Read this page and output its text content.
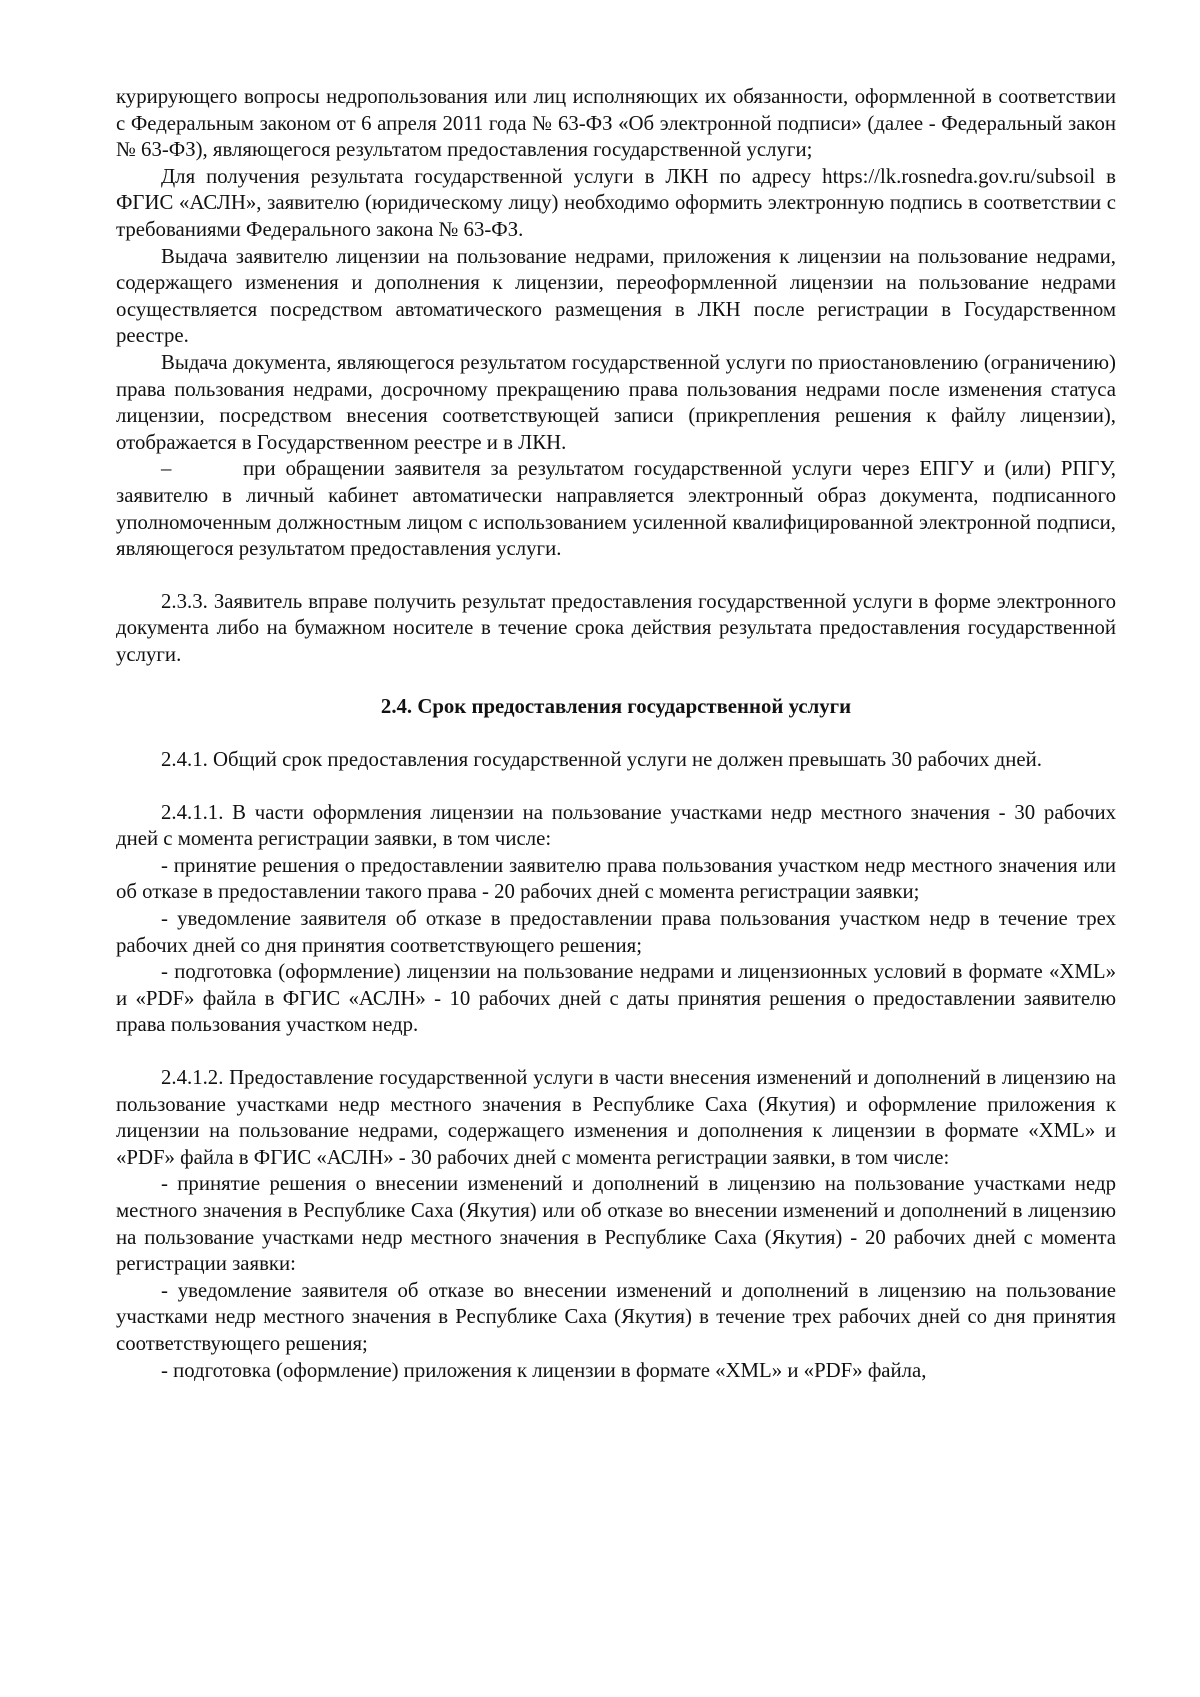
курирующего вопросы недропользования или лиц исполняющих их обязанности, оформленной в соответствии с Федеральным законом от 6 апреля 2011 года № 63-ФЗ «Об электронной подписи» (далее - Федеральный закон № 63-ФЗ), являющегося результатом предоставления государственной услуги;

Для получения результата государственной услуги в ЛКН по адресу https://lk.rosnedra.gov.ru/subsoil в ФГИС «АСЛН», заявителю (юридическому лицу) необходимо оформить электронную подпись в соответствии с требованиями Федерального закона № 63-ФЗ.

Выдача заявителю лицензии на пользование недрами, приложения к лицензии на пользование недрами, содержащего изменения и дополнения к лицензии, переоформленной лицензии на пользование недрами осуществляется посредством автоматического размещения в ЛКН после регистрации в Государственном реестре.

Выдача документа, являющегося результатом государственной услуги по приостановлению (ограничению) права пользования недрами, досрочному прекращению права пользования недрами после изменения статуса лицензии, посредством внесения соответствующей записи (прикрепления решения к файлу лицензии), отображается в Государственном реестре и в ЛКН.

–	при обращении заявителя за результатом государственной услуги через ЕПГУ и (или) РПГУ, заявителю в личный кабинет автоматически направляется электронный образ документа, подписанного уполномоченным должностным лицом с использованием усиленной квалифицированной электронной подписи, являющегося результатом предоставления услуги.

2.3.3. Заявитель вправе получить результат предоставления государственной услуги в форме электронного документа либо на бумажном носителе в течение срока действия результата предоставления государственной услуги.

2.4. Срок предоставления государственной услуги

2.4.1. Общий срок предоставления государственной услуги не должен превышать 30 рабочих дней.

2.4.1.1. В части оформления лицензии на пользование участками недр местного значения - 30 рабочих дней с момента регистрации заявки, в том числе:

- принятие решения о предоставлении заявителю права пользования участком недр местного значения или об отказе в предоставлении такого права - 20 рабочих дней с момента регистрации заявки;

- уведомление заявителя об отказе в предоставлении права пользования участком недр в течение трех рабочих дней со дня принятия соответствующего решения;

- подготовка (оформление) лицензии на пользование недрами и лицензионных условий в формате «XML» и «PDF» файла в ФГИС «АСЛН» - 10 рабочих дней с даты принятия решения о предоставлении заявителю права пользования участком недр.

2.4.1.2. Предоставление государственной услуги в части внесения изменений и дополнений в лицензию на пользование участками недр местного значения в Республике Саха (Якутия) и оформление приложения к лицензии на пользование недрами, содержащего изменения и дополнения к лицензии в формате «XML» и «PDF» файла в ФГИС «АСЛН» - 30 рабочих дней с момента регистрации заявки, в том числе:

- принятие решения о внесении изменений и дополнений в лицензию на пользование участками недр местного значения в Республике Саха (Якутия) или об отказе во внесении изменений и дополнений в лицензию на пользование участками недр местного значения в Республике Саха (Якутия) - 20 рабочих дней с момента регистрации заявки:

- уведомление заявителя об отказе во внесении изменений и дополнений в лицензию на пользование участками недр местного значения в Республике Саха (Якутия) в течение трех рабочих дней со дня принятия соответствующего решения;

- подготовка (оформление) приложения к лицензии в формате «XML» и «PDF» файла,
